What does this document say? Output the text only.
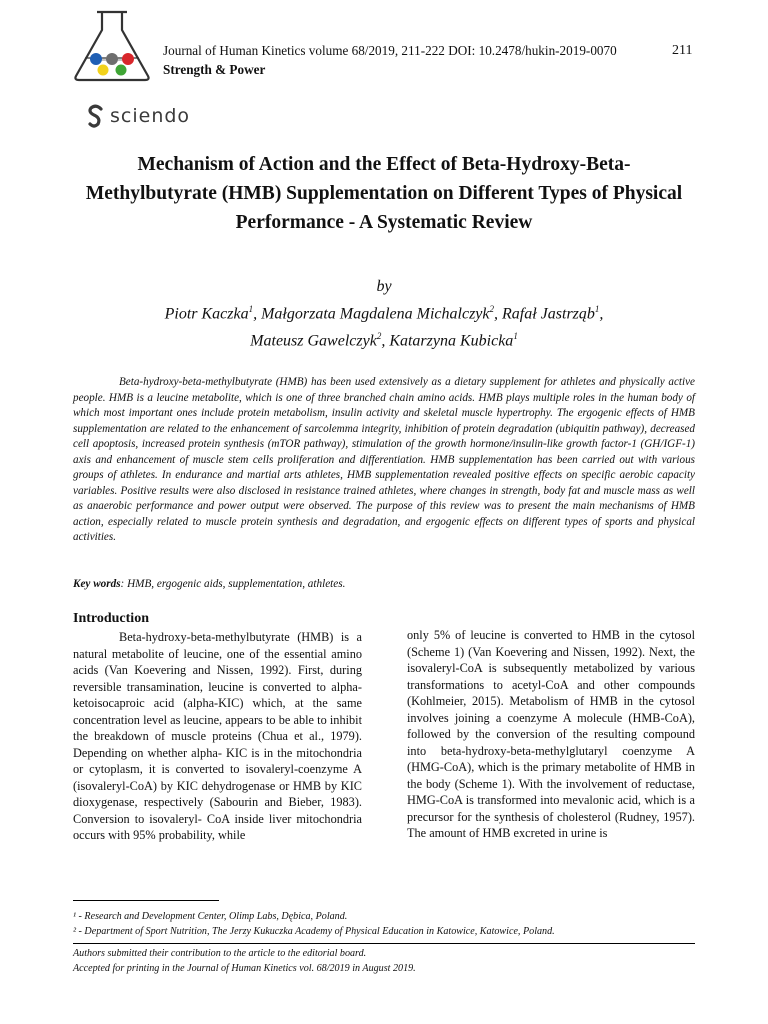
Journal of Human Kinetics volume 68/2019, 211-222 DOI: 10.2478/hukin-2019-0070	211
Strength & Power
sciendo
Mechanism of Action and the Effect of Beta-Hydroxy-Beta-Methylbutyrate (HMB) Supplementation on Different Types of Physical Performance - A Systematic Review
by
Piotr Kaczka$^1$, Małgorzata Magdalena Michalczyk$^2$, Rafał Jastrząb$^1$,
Mateusz Gawelczyk$^2$, Katarzyna Kubicka$^1$

Beta-hydroxy-beta-methylbutyrate (HMB) has been used extensively as a dietary supplement for athletes and physically active people. HMB is a leucine metabolite, which is one of three branched chain amino acids. HMB plays multiple roles in the human body of which most important ones include protein metabolism, insulin activity and skeletal muscle hypertrophy. The ergogenic effects of HMB supplementation are related to the enhancement of sarcolemma integrity, inhibition of protein degradation (ubiquitin pathway), decreased cell apoptosis, increased protein synthesis (mTOR pathway), stimulation of the growth hormone/insulin-like growth factor-1 (GH/IGF-1) axis and enhancement of muscle stem cells proliferation and differentiation. HMB supplementation has been carried out with various groups of athletes. In endurance and martial arts athletes, HMB supplementation revealed positive effects on specific aerobic capacity variables. Positive results were also disclosed in resistance trained athletes, where changes in strength, body fat and muscle mass as well as anaerobic performance and power output were observed. The purpose of this review was to present the main mechanisms of HMB action, especially related to muscle protein synthesis and degradation, and ergogenic effects on different types of sports and physical activities.

Key words: HMB, ergogenic aids, supplementation, athletes.
Introduction

Beta-hydroxy-beta-methylbutyrate (HMB) is a natural metabolite of leucine, one of the essential amino acids (Van Koevering and Nissen, 1992). First, during reversible transamination, leucine is converted to alpha-ketoisocaproic acid (alpha-KIC) which, at the same concentration level as leucine, appears to be able to inhibit the breakdown of muscle proteins (Chua et al., 1979). Depending on whether alpha- KIC is in the mitochondria or cytoplasm, it is converted to isovaleryl-coenzyme A (isovaleryl-CoA) by KIC dehydrogenase or HMB by KIC dioxygenase, respectively (Sabourin and Bieber, 1983). Conversion to isovaleryl- CoA inside liver mitochondria occurs with 95% probability, while

only 5% of leucine is converted to HMB in the cytosol (Scheme 1) (Van Koevering and Nissen, 1992). Next, the isovaleryl-CoA is subsequently metabolized by various transformations to acetyl-CoA and other compounds (Kohlmeier, 2015). Metabolism of HMB in the cytosol involves joining a coenzyme A molecule (HMB-CoA), followed by the conversion of the resulting compound into beta-hydroxy-beta-methylglutaryl coenzyme A (HMG-CoA), which is the primary metabolite of HMB in the body (Scheme 1). With the involvement of reductase, HMG-CoA is transformed into mevalonic acid, which is a precursor for the synthesis of cholesterol (Rudney, 1957). The amount of HMB excreted in urine is

¹ - Research and Development Center, Olimp Labs, Dębica, Poland.
² - Department of Sport Nutrition, The Jerzy Kukuczka Academy of Physical Education in Katowice, Katowice, Poland.
Authors submitted their contribution to the article to the editorial board.
Accepted for printing in the Journal of Human Kinetics vol. 68/2019 in August 2019.
